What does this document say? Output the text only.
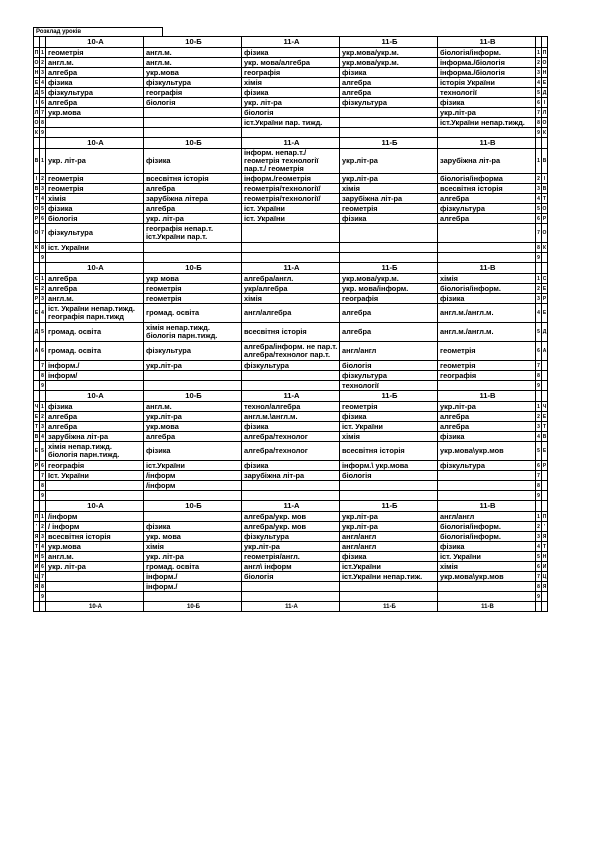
Розклад уроків
		10-А	10-Б	11-А	11-Б	11-В		
П	1	геометрія	англ.м.	фізика	укр.мова/укр.м.	біологія/інформ.	1	П
О	2	англ.м.	англ.м.	укр. мова/алгебра	укр.мова/укр.м.	інформа./біологія	2	О
Н	3	алгебра	укр.мова	географія	фізика	інформа./біологія	3	Н
Е	4	фізика	фізкультура	хімія	алгебра	історія України	4	Е
Д	5	фізкультура	географія	фізика	алгебра	технології	5	Д
І	6	алгебра	біологія	укр. літ-ра	фізкультура	фізика	6	І
Л	7	укр.мова		біологія		укр.літ-ра	7	Л
О	8			іст.України пар. тижд.		іст.України непар.тижд.	8	О
К	9						9	К
		10-А	10-Б	11-А	11-Б	11-В		
В	1	укр. літ-ра	фізика	інформ. непар.т./ геометрія технології пар.т./ геометрія	укр.літ-ра	зарубіжна літ-ра	1	В
І	2	геометрія	всесвітня історія	інформ./геометрія	укр.літ-ра	біологія/інформа	2	І
В	3	геометрія	алгебра	геометрія/технології/	хімія	всесвітня історія	3	В
Т	4	хімія	зарубіжна літера	геометрія/технології/	зарубіжна літ-ра	алгебра	4	Т
О	5	фізика	алгебра	іст. України	геометрія	фізкультура	5	О
Р	6	біологія	укр. літ-ра	іст. України	фізика	алгебра	6	Р
О	7	фізкультура	географія непар.т. іст.України пар.т.				7	О
К	8	іст. України					8	К
	9						9	
		10-А	10-Б	11-А	11-Б	11-В		
С	1	алгебра	укр мова	алгебра/англ.	укр.мова/укр.м.	хімія	1	С
Е	2	алгебра	геометрія	укр/алгебра	укр. мова/інформ.	біологія/інформ.	2	Е
Р	3	англ.м.	геометрія	хімія	географія	фізика	3	Р
Е	4	іст. України непар.тижд. географія парн.тижд	громад. освіта	англ/алгебра	алгебра	англ.м./англ.м.	4	Е
Д	5	громад. освіта	хімія непар.тижд. біологія парн.тижд.	всесвітня історія	алгебра	англ.м./англ.м.	5	Д
А	6	громад. освіта	фізкультура	алгебра/інформ. не пар.т. алгебра/технолог пар.т.	англ/англ	геометрія	6	А
	7	інформ./	укр.літ-ра	фізкультура	біологія	геометрія	7	
	8	інформ/			фізкультура	географія	8	
	9				технології		9	
		10-А	10-Б	11-А	11-Б	11-В		
Ч	1	фізика	англ.м.	технол/алгебра	геометрія	укр.літ-ра	1	Ч
Е	2	алгебра	укр.літ-ра	англ.м.\англ.м.	фізика	алгебра	2	Е
Т	3	алгебра	укр.мова	фізика	іст. України	алгебра	3	Т
В	4	зарубіжна літ-ра	алгебра	алгебра/технолог	хімія	фізика	4	В
Е	5	хімія непар.тижд. біологія парн.тижд.	фізика	алгебра/технолог	всесвітня історія	укр.мова\укр.мов	5	Е
Р	6	географія	іст.України	фізика	інформ.\ укр.мова	фізкультура	6	Р
	7	Іст. України	/інформ	зарубіжна літ-ра	біологія		7	
	8		/інформ				8	
	9						9	
		10-А	10-Б	11-А	11-Б	11-В		
П	1	/інформ		алгебра/укр. мов	укр.літ-ра	англ/англ	1	П
'	2	/ інформ	фізика	алгебра/укр. мов	укр.літ-ра	біологія/інформ.	2	'
Я	3	всесвітня історія	укр. мова	фізкультура	англ/англ	біологія/інформ.	3	Я
Т	4	укр.мова	хімія	укр.літ-ра	англ/англ	фізика	4	Т
Н	5	англ.м.	укр. літ-ра	геометрія/англ.	фізика	іст. України	5	Н
И	6	укр. літ-ра	громад. освіта	англ\ інформ	іст.України	хімія	6	И
Ц	7		інформ./	біологія	іст.України непар.тиж.	укр.мова\укр.мов	7	Ц
Я	8		інформ./				8	Я
	9						9	
		10-А	10-Б	11-А	11-Б	11-В		
